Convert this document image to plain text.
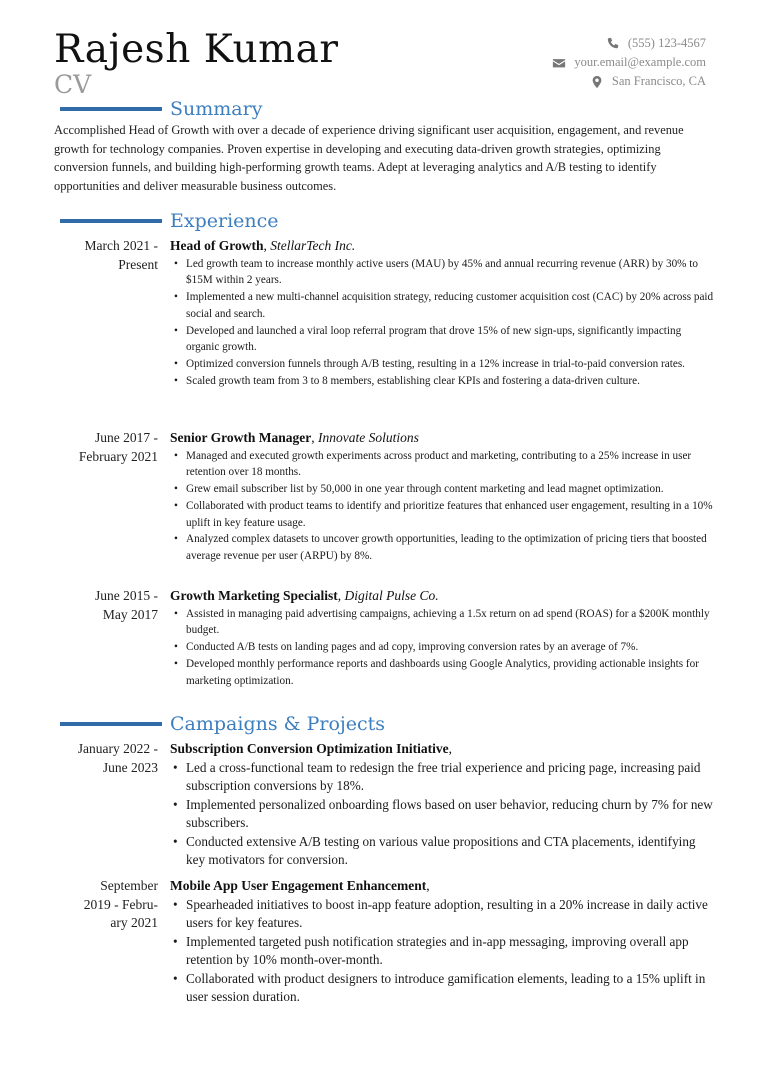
Rajesh Kumar
CV
(555) 123-4567
your.email@example.com
San Francisco, CA
Summary
Accomplished Head of Growth with over a decade of experience driving significant user acquisition, engagement, and revenue growth for technology companies. Proven expertise in developing and executing data-driven growth strategies, optimizing conversion funnels, and building high-performing growth teams. Adept at leveraging analytics and A/B testing to identify opportunities and deliver measurable business outcomes.
Experience
March 2021 -
Present
Head of Growth, StellarTech Inc.
• Led growth team to increase monthly active users (MAU) by 45% and annual recurring revenue (ARR) by 30% to $15M within 2 years.
• Implemented a new multi-channel acquisition strategy, reducing customer acquisition cost (CAC) by 20% across paid social and search.
• Developed and launched a viral loop referral program that drove 15% of new sign-ups, significantly impacting organic growth.
• Optimized conversion funnels through A/B testing, resulting in a 12% increase in trial-to-paid conversion rates.
• Scaled growth team from 3 to 8 members, establishing clear KPIs and fostering a data-driven culture.
June 2017 -
February 2021
Senior Growth Manager, Innovate Solutions
• Managed and executed growth experiments across product and marketing, contributing to a 25% increase in user retention over 18 months.
• Grew email subscriber list by 50,000 in one year through content marketing and lead magnet optimization.
• Collaborated with product teams to identify and prioritize features that enhanced user engagement, resulting in a 10% uplift in key feature usage.
• Analyzed complex datasets to uncover growth opportunities, leading to the optimization of pricing tiers that boosted average revenue per user (ARPU) by 8%.
June 2015 -
May 2017
Growth Marketing Specialist, Digital Pulse Co.
• Assisted in managing paid advertising campaigns, achieving a 1.5x return on ad spend (ROAS) for a $200K monthly budget.
• Conducted A/B tests on landing pages and ad copy, improving conversion rates by an average of 7%.
• Developed monthly performance reports and dashboards using Google Analytics, providing actionable insights for marketing optimization.
Campaigns & Projects
January 2022 -
June 2023
Subscription Conversion Optimization Initiative,
• Led a cross-functional team to redesign the free trial experience and pricing page, increasing paid subscription conversions by 18%.
• Implemented personalized onboarding flows based on user behavior, reducing churn by 7% for new subscribers.
• Conducted extensive A/B testing on various value propositions and CTA placements, identifying key motivators for conversion.
September
2019 - Febru-
ary 2021
Mobile App User Engagement Enhancement,
• Spearheaded initiatives to boost in-app feature adoption, resulting in a 20% increase in daily active users for key features.
• Implemented targeted push notification strategies and in-app messaging, improving overall app retention by 10% month-over-month.
• Collaborated with product designers to introduce gamification elements, leading to a 15% uplift in user session duration.
